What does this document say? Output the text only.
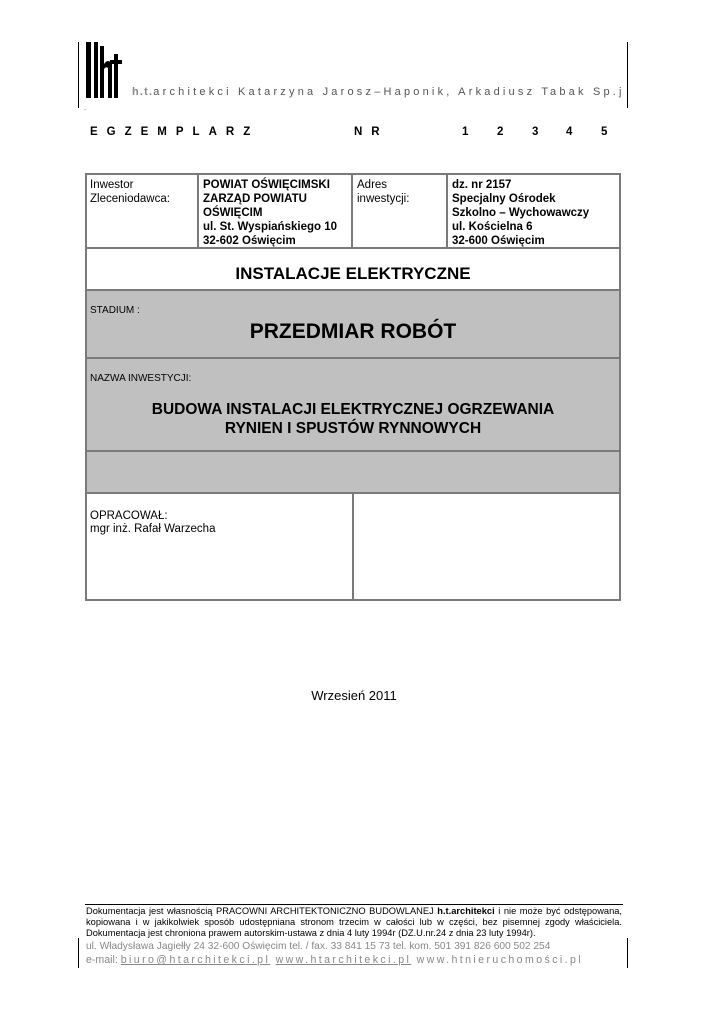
h.t.architekci Katarzyna Jarosz–Haponik, Arkadiusz Tabak Sp.j
.
EGZEMPLARZ	NR	1 2 3 4 5
Inwestor
Zleceniodawca:
POWIAT OŚWIĘCIMSKI
ZARZĄD POWIATU
OŚWIĘCIM
ul. St. Wyspiańskiego 10
32-602 Oświęcim
Adres
inwestycji:
dz. nr 2157
Specjalny Ośrodek
Szkolno – Wychowawczy
ul. Kościelna 6
32-600 Oświęcim
INSTALACJE ELEKTRYCZNE
STADIUM :
PRZEDMIAR ROBÓT
NAZWA INWESTYCJI:
BUDOWA INSTALACJI ELEKTRYCZNEJ OGRZEWANIA
RYNIEN I SPUSTÓW RYNNOWYCH
OPRACOWAŁ:
mgr inż. Rafał Warzecha
Wrzesień 2011
Dokumentacja jest własnością PRACOWNI ARCHITEKTONICZNO BUDOWLANEJ h.t.architekci i nie może być odstępowana, kopiowana i w jakikolwiek sposób udostępniana stronom trzecim w całości lub w części, bez pisemnej zgody właściciela. Dokumentacja jest chroniona prawem autorskim-ustawa z dnia 4 luty 1994r (DZ.U.nr.24 z dnia 23 luty 1994r).
ul. Władysława Jagiełły 24 32-600 Oświęcim tel. / fax. 33 841 15 73 tel. kom. 501 391 826 600 502 254
e-mail: biuro@htarchitekci.pl www.htarchitekci.pl www.htnieruchomości.pl
